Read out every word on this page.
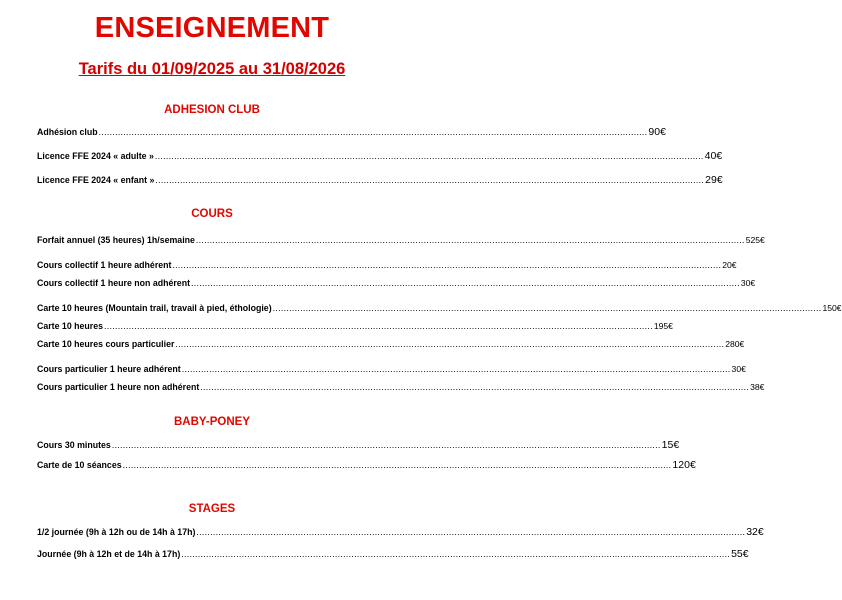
ENSEIGNEMENT
Tarifs du 01/09/2025 au 31/08/2026
ADHESION CLUB
Adhésion club ........................................................................................................................................................................................................ 90€
Licence FFE 2024 « adulte » ........................................................................................................................................................................................................ 40€
Licence FFE 2024 « enfant » ........................................................................................................................................................................................................ 29€
COURS
Forfait annuel (35 heures) 1h/semaine ........................................................................................................................................................................................................ 525€
Cours collectif 1 heure adhérent ........................................................................................................................................................................................................ 20€
Cours collectif 1 heure non adhérent ........................................................................................................................................................................................................ 30€
Carte 10 heures (Mountain trail, travail à pied, éthologie) ........................................................................................................................................................................................................ 150€
Carte 10 heures ........................................................................................................................................................................................................ 195€
Carte 10 heures cours particulier ........................................................................................................................................................................................................ 280€
Cours particulier 1 heure adhérent ........................................................................................................................................................................................................ 30€
Cours particulier 1 heure non adhérent ........................................................................................................................................................................................................ 38€
BABY-PONEY
Cours 30 minutes ........................................................................................................................................................................................................ 15€
Carte de 10 séances ........................................................................................................................................................................................................ 120€
STAGES
1/2 journée (9h à 12h ou de 14h à 17h) ........................................................................................................................................................................................................ 32€
Journée (9h à 12h et de 14h à 17h) ........................................................................................................................................................................................................ 55€
